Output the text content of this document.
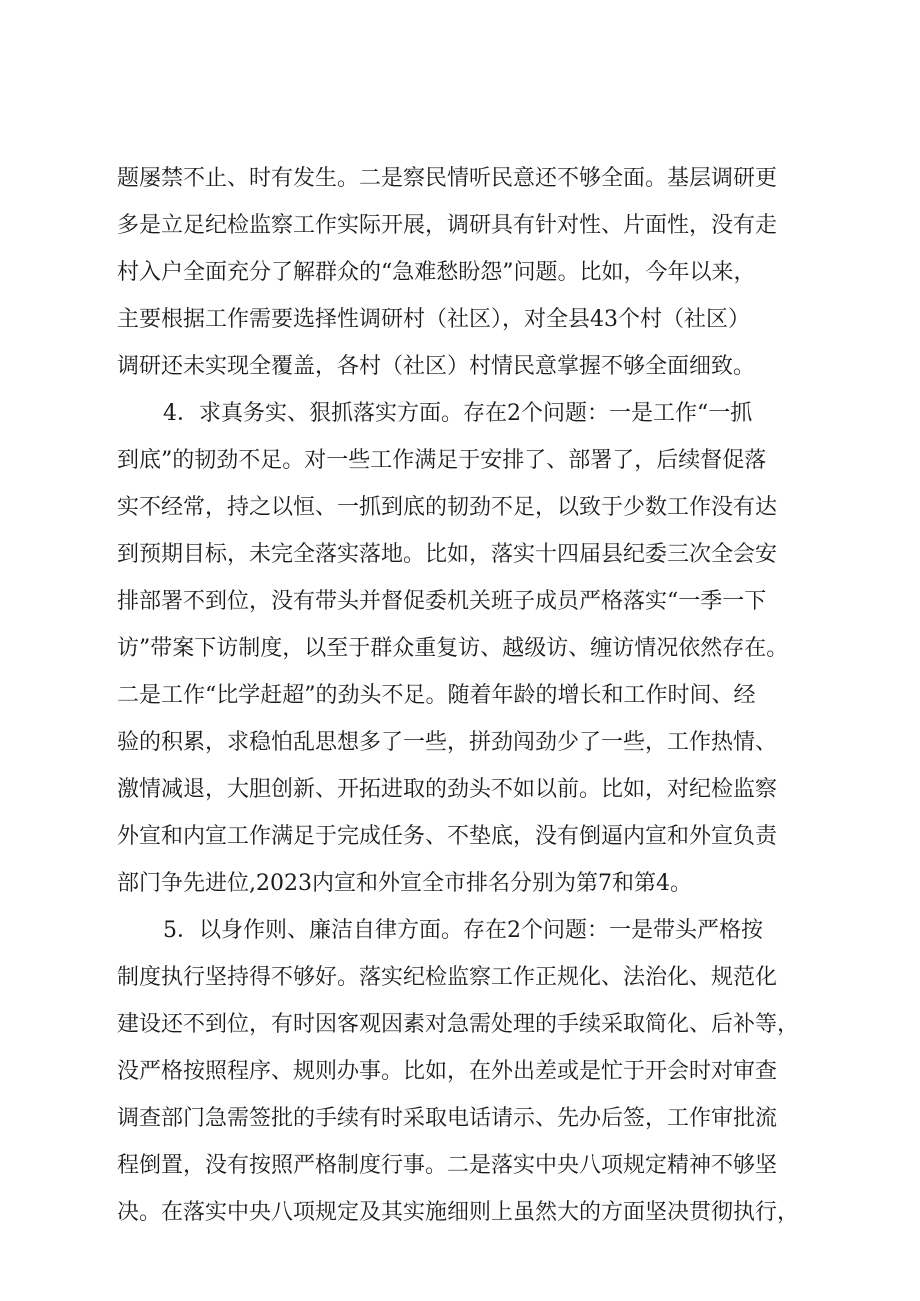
题屡禁不止、时有发生。二是察民情听民意还不够全面。基层调研更
多是立足纪检监察工作实际开展，调研具有针对性、片面性，没有走
村入户全面充分了解群众的“急难愁盼怨”问题。比如，今年以来，
主要根据工作需要选择性调研村（社区），对全县43个村（社区）
调研还未实现全覆盖，各村（社区）村情民意掌握不够全面细致。
4．求真务实、狠抓落实方面。存在2个问题：一是工作“一抓
到底”的韧劲不足。对一些工作满足于安排了、部署了，后续督促落
实不经常，持之以恒、一抓到底的韧劲不足，以致于少数工作没有达
到预期目标，未完全落实落地。比如，落实十四届县纪委三次全会安
排部署不到位，没有带头并督促委机关班子成员严格落实“一季一下
访”带案下访制度，以至于群众重复访、越级访、缠访情况依然存在。
二是工作“比学赶超”的劲头不足。随着年龄的增长和工作时间、经
验的积累，求稳怕乱思想多了一些，拼劲闯劲少了一些，工作热情、
激情减退，大胆创新、开拓进取的劲头不如以前。比如，对纪检监察
外宣和内宣工作满足于完成任务、不垫底，没有倒逼内宣和外宣负责
部门争先进位,2023内宣和外宣全市排名分别为第7和第4。
5．以身作则、廉洁自律方面。存在2个问题：一是带头严格按
制度执行坚持得不够好。落实纪检监察工作正规化、法治化、规范化
建设还不到位，有时因客观因素对急需处理的手续采取简化、后补等，
没严格按照程序、规则办事。比如，在外出差或是忙于开会时对审查
调查部门急需签批的手续有时采取电话请示、先办后签，工作审批流
程倒置，没有按照严格制度行事。二是落实中央八项规定精神不够坚
决。在落实中央八项规定及其实施细则上虽然大的方面坚决贯彻执行，
